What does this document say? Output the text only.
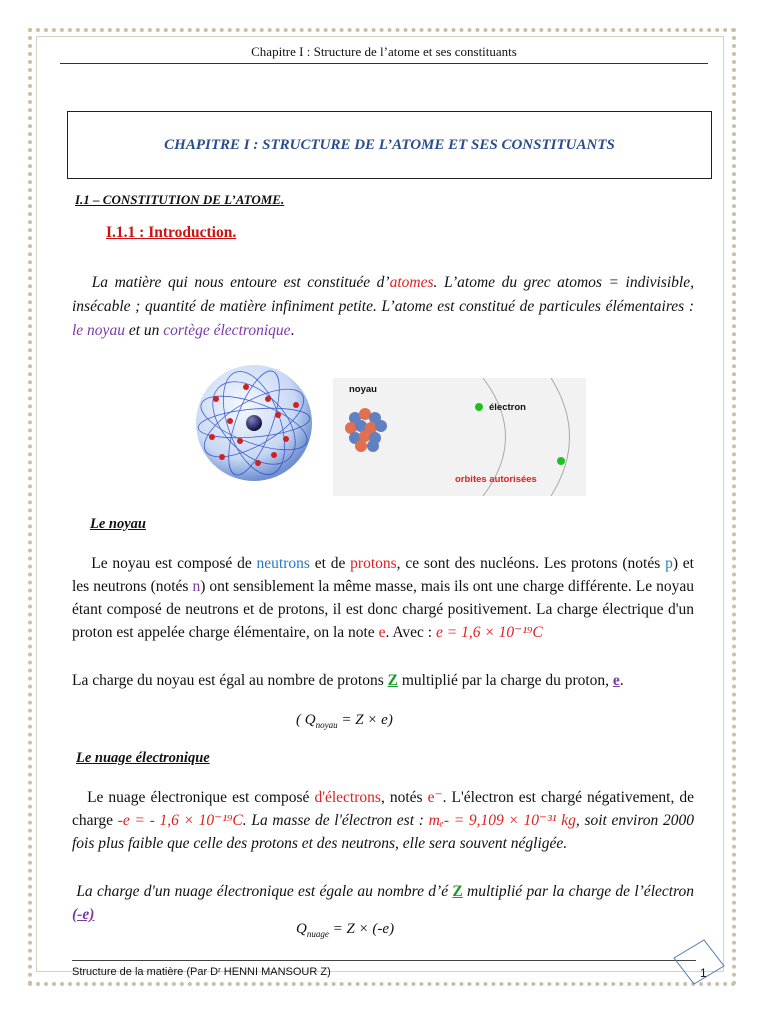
Chapitre I : Structure de l’atome et ses constituants
CHAPITRE I : STRUCTURE DE L’ATOME ET SES CONSTITUANTS
I.1 – CONSTITUTION DE L’ATOME.
I.1.1 : Introduction.
La matière qui nous entoure est constituée d’atomes. L’atome du grec atomos = indivisible, insécable ; quantité de matière infiniment petite. L’atome est constitué de particules élémentaires : le noyau et un cortège électronique.
noyau
électron
orbites autorisées
Le noyau
Le noyau est composé de neutrons et de protons, ce sont des nucléons. Les protons (notés p) et les neutrons (notés n) ont sensiblement la même masse, mais ils ont une charge différente. Le noyau étant composé de neutrons et de protons, il est donc chargé positivement. La charge électrique d'un proton est appelée charge élémentaire, on la note e. Avec : e = 1,6 × 10⁻¹⁹C
La charge du noyau est égal au nombre de protons Z multiplié par la charge du proton, e.
( $Q_{noyau} = Z \times e$)
Le nuage électronique
Le nuage électronique est composé d'électrons, notés e⁻. L'électron est chargé négativement, de charge -e = - 1,6 × 10⁻¹⁹C. La masse de l'électron est : mₑ- = 9,109 × 10⁻³¹ kg, soit environ 2000 fois plus faible que celle des protons et des neutrons, elle sera souvent négligée.
La charge d'un nuage électronique est égale au nombre d’é Z multiplié par la charge de l’électron (-e)
$Q_{nuage} = Z \times (-e)$
Structure de la matière (Par Dʳ HENNI MANSOUR Z)	1
